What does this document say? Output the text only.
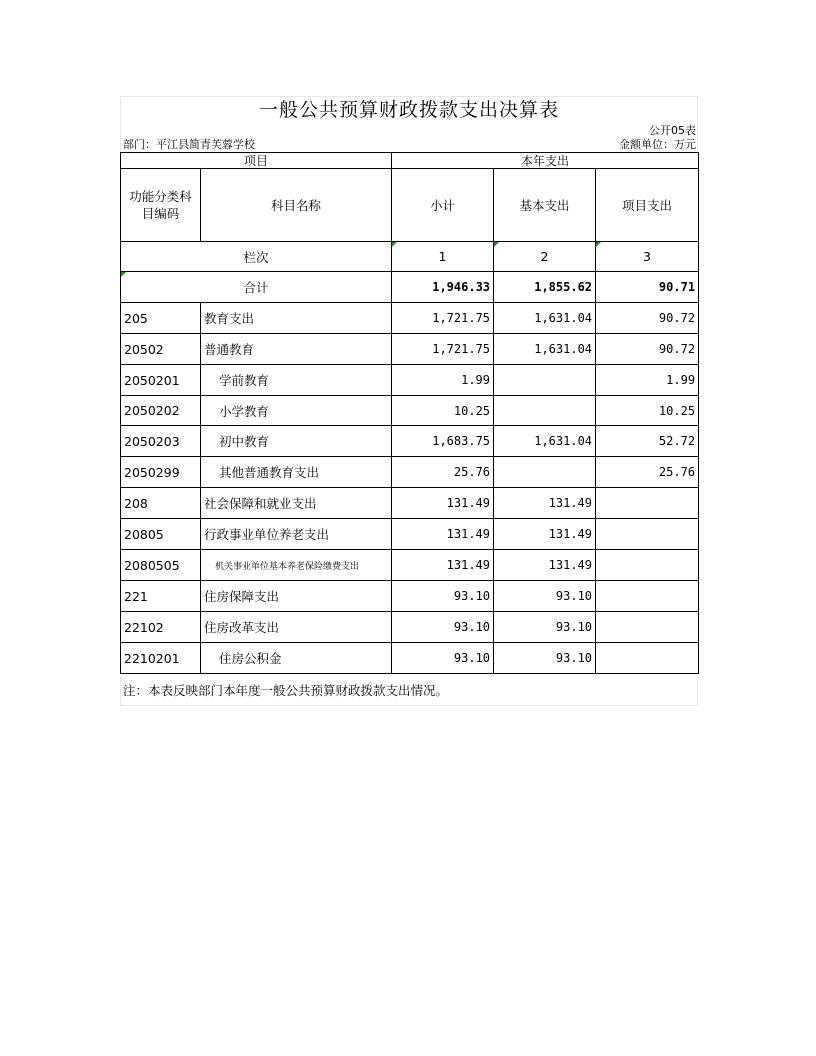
一般公共预算财政拨款支出决算表
公开05表
部门：平江县简青芙蓉学校	金额单位：万元
项目		本年支出		
功能分类科目编码	科目名称	小计	基本支出	项目支出
栏次		1	2	3
合计		1,946.33	1,855.62	90.71
205	教育支出	1,721.75	1,631.04	90.72
20502	普通教育	1,721.75	1,631.04	90.72
2050201	学前教育	1.99		1.99
2050202	小学教育	10.25		10.25
2050203	初中教育	1,683.75	1,631.04	52.72
2050299	其他普通教育支出	25.76		25.76
208	社会保障和就业支出	131.49	131.49	
20805	行政事业单位养老支出	131.49	131.49	
2080505	机关事业单位基本养老保险缴费支出	131.49	131.49	
221	住房保障支出	93.10	93.10	
22102	住房改革支出	93.10	93.10	
2210201	住房公积金	93.10	93.10	
注：本表反映部门本年度一般公共预算财政拨款支出情况。
